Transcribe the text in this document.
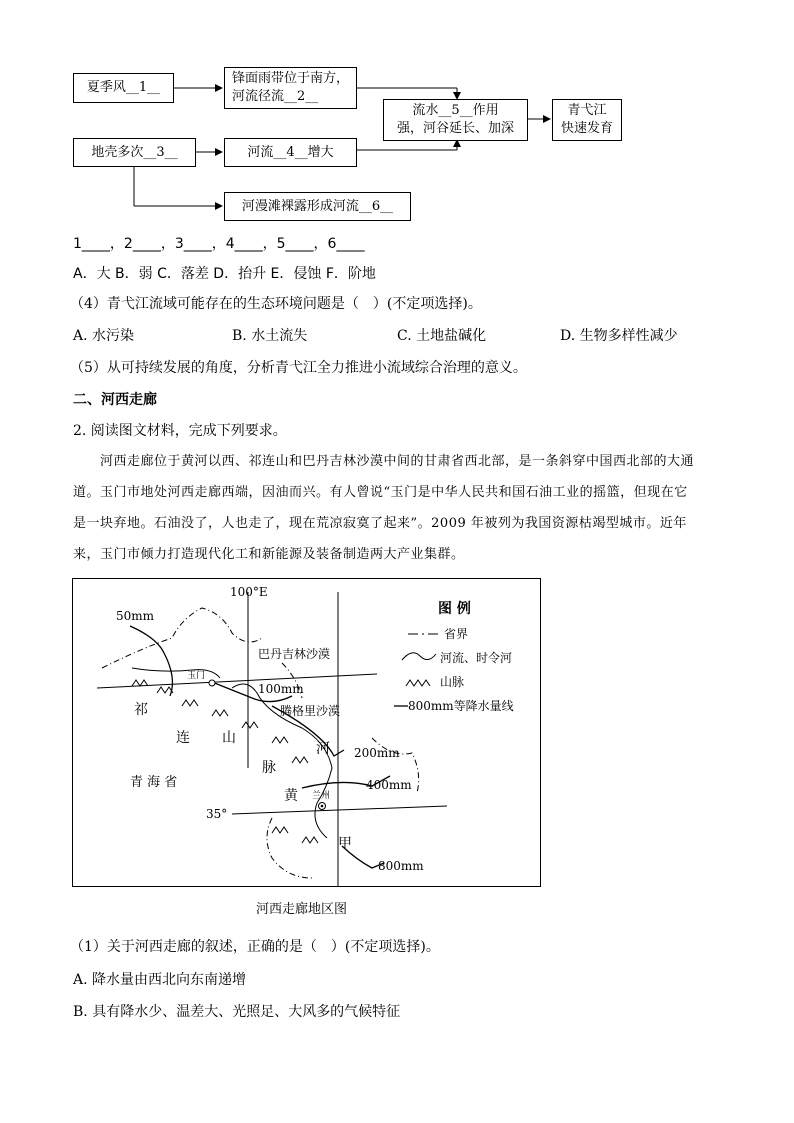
夏季风__1__
锋面雨带位于南方，
河流径流__2__
流水__5__作用
强，河谷延长、加深
青弋江
快速发育
地壳多次__3__	河流__4__增大
河漫滩裸露形成河流__6__
1____，2____，3____，4____，5____，6____
A．大 B．弱 C．落差 D．抬升 E．侵蚀 F．阶地
（4）青弋江流域可能存在的生态环境问题是（　）(不定项选择)。
A. 水污染	B. 水土流失	C. 土地盐碱化	D. 生物多样性减少
（5）从可持续发展的角度，分析青弋江全力推进小流域综合治理的意义。
二、河西走廊
2. 阅读图文材料，完成下列要求。
河西走廊位于黄河以西、祁连山和巴丹吉林沙漠中间的甘肃省西北部，是一条斜穿中国西北部的大通
道。玉门市地处河西走廊西端，因油而兴。有人曾说“玉门是中华人民共和国石油工业的摇篮，但现在它
是一块弃地。石油没了，人也走了，现在荒凉寂寞了起来”。2009 年被列为我国资源枯竭型城市。近年
来，玉门市倾力打造现代化工和新能源及装备制造两大产业集群。
100°E
35°
50mm
100mm
200mm
400mm
800mm
巴丹吉林沙漠
腾格里沙漠
玉门
兰州
青 海 省
祁
连 山
脉
河
黄
甲
图 例
省界
河流、时令河
山脉
800mm等降水量线
河西走廊地区图
（1）关于河西走廊的叙述，正确的是（　）(不定项选择)。
A. 降水量由西北向东南递增
B. 具有降水少、温差大、光照足、大风多的气候特征
